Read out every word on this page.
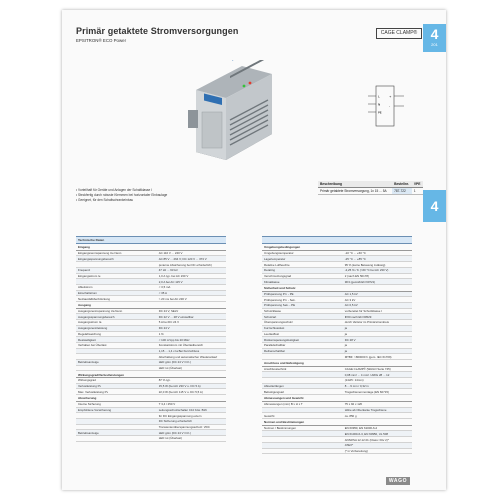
Primär getaktete Stromversorgungen
EPSITRON® ECO Power
CAGE CLAMP® 4
201
4
L
N
PE
+
-
• Vorteilhaft für Geräte und Anlagen der Schaltklasse I
• Steckfertig durch robuste Klemmen bei horizontaler Einbaulage
• Geeignet, für den Schaltschrankeinbau
Beschreibung	Bestellnr.	VPE
Primär getaktete Stromversorgung, 1x 15 ... 5A	787-722	1
Technische Daten
Eingang
Eingangsnennspannung Ue Nenn	AC 110 V ... 240 V
Eingangsspannungsbereich	AC 85 V ... 264 V; DC 120 V ... 373 V
(externe Absicherung bei DC erforderlich)
Frequenz	47 Hz ... 63 Hz
Eingangsstrom Ie	1,0 A typ. bei AC 230 V
2,0 A bei AC 115 V
Ableitstrom	< 3,5 mA
Einschaltstrom	< 35 A
Netzausfallüberbrückung	> 20 ms bei AC 230 V
Ausgang
Ausgangsnennspannung Ua Nenn	DC 24 V, SELV
Ausgangsspannungsbereich	DC 22 V ... 28 V einstellbar
Ausgangsstrom Ia	5 A bei DC 24 V
Ausgangsnennleistung	DC 24 V
Regelabweichung	1 %
Restwelligkeit	< 100 mVpp bis 20 MHz
Verhalten bei Überlast	Konstantstrom mit Überlastbereich
1,15 ... 1,4 x Ia Bei Kurzschluss
Abschaltung und automatischer Wiederanlauf
Betriebsanzeige	LED grün (DC 24 V O.K.)
LED rot (Überlast)
Wirkungsgrad/Verlustleistungen
Wirkungsgrad	87 % typ.
Verlustleistung Pv	15,5 W (bei AC 230 V u. DC 5 A)
Max. Verlustleistung Pv	22,0 W (bei AC 115 V u. DC 5,5 A)
Absicherung
Interne Sicherung	T 3,4 / 250 V
Empfohlene Vorsicherung	Leitungsschutzschalter C10 bzw. B16
für DC Eingangsspannung extern
DC Sicherung erforderlich
Transientenüberspannungsschutz: VDC
Betriebsanzeige	LED grün (DC 24 V O.K.)
LED rot (Überlast)

Umgebungsbedingungen
Umgebungstemperatur	-10 °C ... +60 °C
Lagertemperatur	-25 °C ... +85 °C
Relative Luftfeuchte	95 % (keine Betauung zulässig)
Derating	-2,25 % / K (>60 °C bei AC 230 V)
Verschmutzungsgrad	2 (nach EN 50178)
Klimaklasse	3K3 (gemäß EN 60721)
Sicherheit und Schutz
Prüfspannung Pri. - PE	AC 1,5 kV
Prüfspannung Pri. - Sek.	AC 3 kV
Prüfspannung Sek. - PE	AC 0,5 kV
Schutzklasse	vorbereitet für Schutzklasse I
Schutzart	IP20 nach EN 60529
Überspannungsschutz	durch Varistor im Primärstromkreis
Kurzschlussfest	ja
Leerlauffest	ja
Rückeinspeisungsfestigkeit	DC 28 V
Parallelschaltbar	ja
Reihenschaltbar	ja
MTBF: >800000 h (gem. IEC 61709)
Anschluss und Befestigung
Anschlusstechnik	CAGE CLAMP® (WAGO Serie 745)
0,08 mm² ... 4 mm² / AWG 28 ... 12
(14xPt: 14mm)
Abisolierlängen	8 ... 9 mm / 0,32 in
Befestigungsart	Tragschienenmontage (EN 60715)
Abmessungen und Gewicht
Abmessungen (mm) B x H x T	75 x 92 x 126
Höhe ab Oberkante Tragschiene
Gewicht	ca. 850 g
Normen und Bestimmungen
Normen / Bestimmungen	EN 60950, EN 61000-6-2
EN 61000-6-3, EN 60950, UL 508
ANSI/ISA 12.12.01 (Class I Div 2)*
ATEX*
(* in Vorbereitung)
WAGO
